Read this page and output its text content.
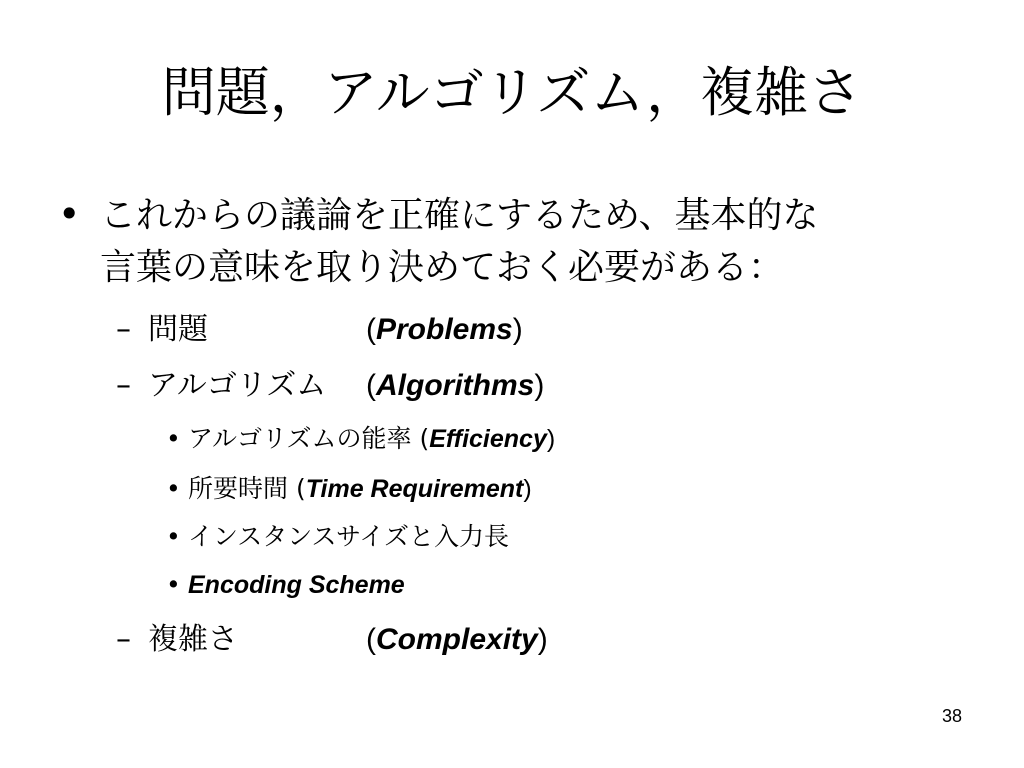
問題，アルゴリズム，複雑さ
• これからの議論を正確にするため、基本的な
言葉の意味を取り決めておく必要がある：
– 問題	(Problems)
– アルゴリズム (Algorithms)
• アルゴリズムの能率 (Efficiency)
• 所要時間 (Time Requirement)
• インスタンスサイズと入力長
• Encoding Scheme
– 複雑さ	(Complexity)
38
